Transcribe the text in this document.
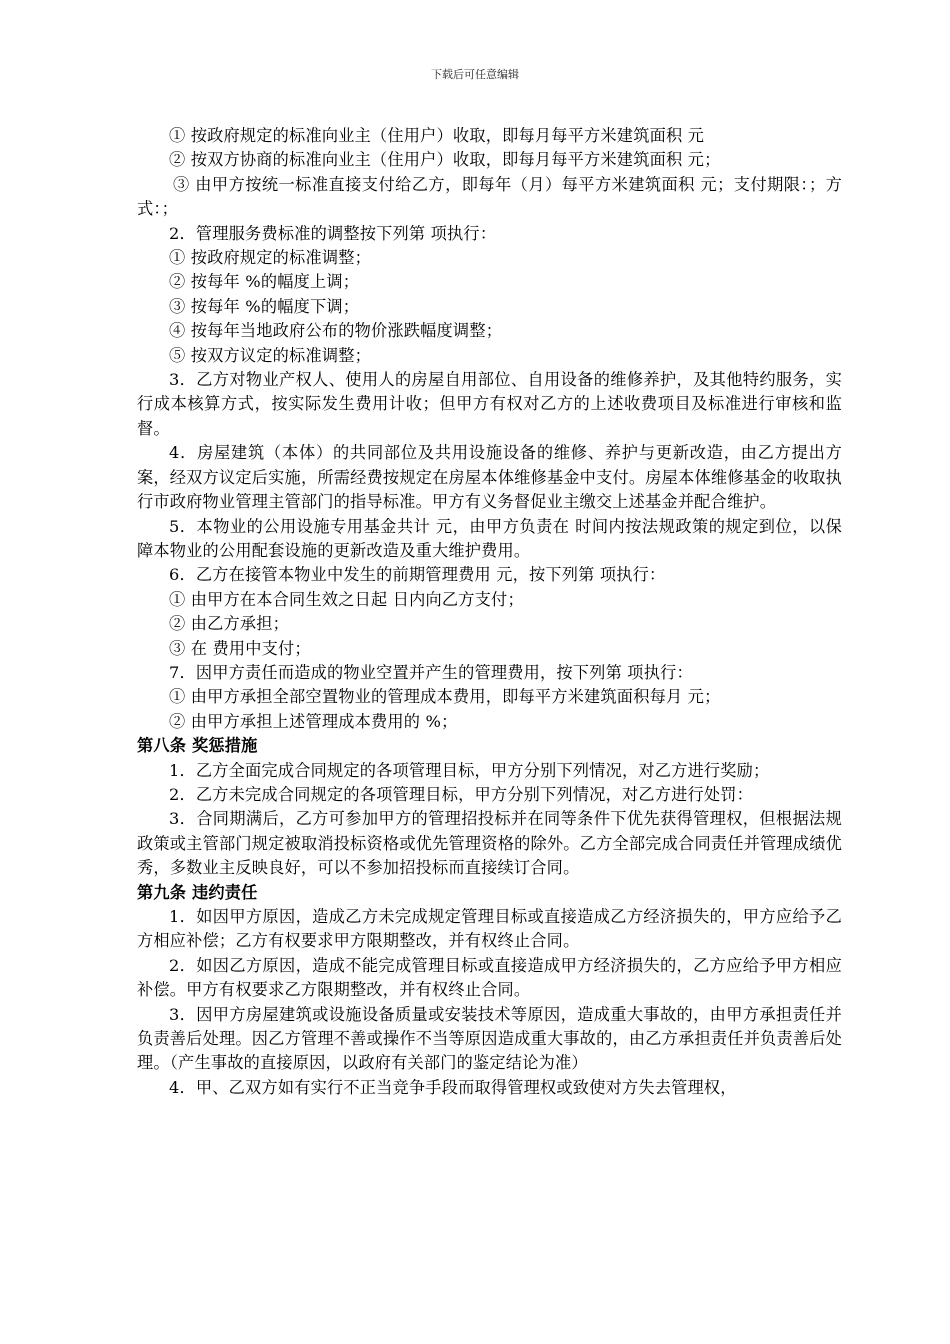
下载后可任意编辑

① 按政府规定的标准向业主（住用户）收取，即每月每平方米建筑面积 元

② 按双方协商的标准向业主（住用户）收取，即每月每平方米建筑面积 元；

③ 由甲方按统一标准直接支付给乙方，即每年（月）每平方米建筑面积 元；支付期限：；方式：；

2．管理服务费标准的调整按下列第 项执行：

① 按政府规定的标准调整；

② 按每年 %的幅度上调；

③ 按每年 %的幅度下调；

④ 按每年当地政府公布的物价涨跌幅度调整；

⑤ 按双方议定的标准调整；

3．乙方对物业产权人、使用人的房屋自用部位、自用设备的维修养护，及其他特约服务，实行成本核算方式，按实际发生费用计收；但甲方有权对乙方的上述收费项目及标准进行审核和监督。

4．房屋建筑（本体）的共同部位及共用设施设备的维修、养护与更新改造，由乙方提出方案，经双方议定后实施，所需经费按规定在房屋本体维修基金中支付。房屋本体维修基金的收取执行市政府物业管理主管部门的指导标准。甲方有义务督促业主缴交上述基金并配合维护。

5．本物业的公用设施专用基金共计 元，由甲方负责在 时间内按法规政策的规定到位，以保障本物业的公用配套设施的更新改造及重大维护费用。

6．乙方在接管本物业中发生的前期管理费用 元，按下列第 项执行：

① 由甲方在本合同生效之日起 日内向乙方支付；

② 由乙方承担；

③ 在 费用中支付；

7．因甲方责任而造成的物业空置并产生的管理费用，按下列第 项执行：

① 由甲方承担全部空置物业的管理成本费用，即每平方米建筑面积每月 元；

② 由甲方承担上述管理成本费用的 %；

第八条 奖惩措施

1．乙方全面完成合同规定的各项管理目标，甲方分别下列情况，对乙方进行奖励；

2．乙方未完成合同规定的各项管理目标，甲方分别下列情况，对乙方进行处罚：

3．合同期满后，乙方可参加甲方的管理招投标并在同等条件下优先获得管理权，但根据法规政策或主管部门规定被取消投标资格或优先管理资格的除外。乙方全部完成合同责任并管理成绩优秀，多数业主反映良好，可以不参加招投标而直接续订合同。

第九条 违约责任

1．如因甲方原因，造成乙方未完成规定管理目标或直接造成乙方经济损失的，甲方应给予乙方相应补偿；乙方有权要求甲方限期整改，并有权终止合同。

2．如因乙方原因，造成不能完成管理目标或直接造成甲方经济损失的，乙方应给予甲方相应补偿。甲方有权要求乙方限期整改，并有权终止合同。

3．因甲方房屋建筑或设施设备质量或安装技术等原因，造成重大事故的，由甲方承担责任并负责善后处理。因乙方管理不善或操作不当等原因造成重大事故的，由乙方承担责任并负责善后处理。（产生事故的直接原因，以政府有关部门的鉴定结论为准）

4．甲、乙双方如有实行不正当竞争手段而取得管理权或致使对方失去管理权，
